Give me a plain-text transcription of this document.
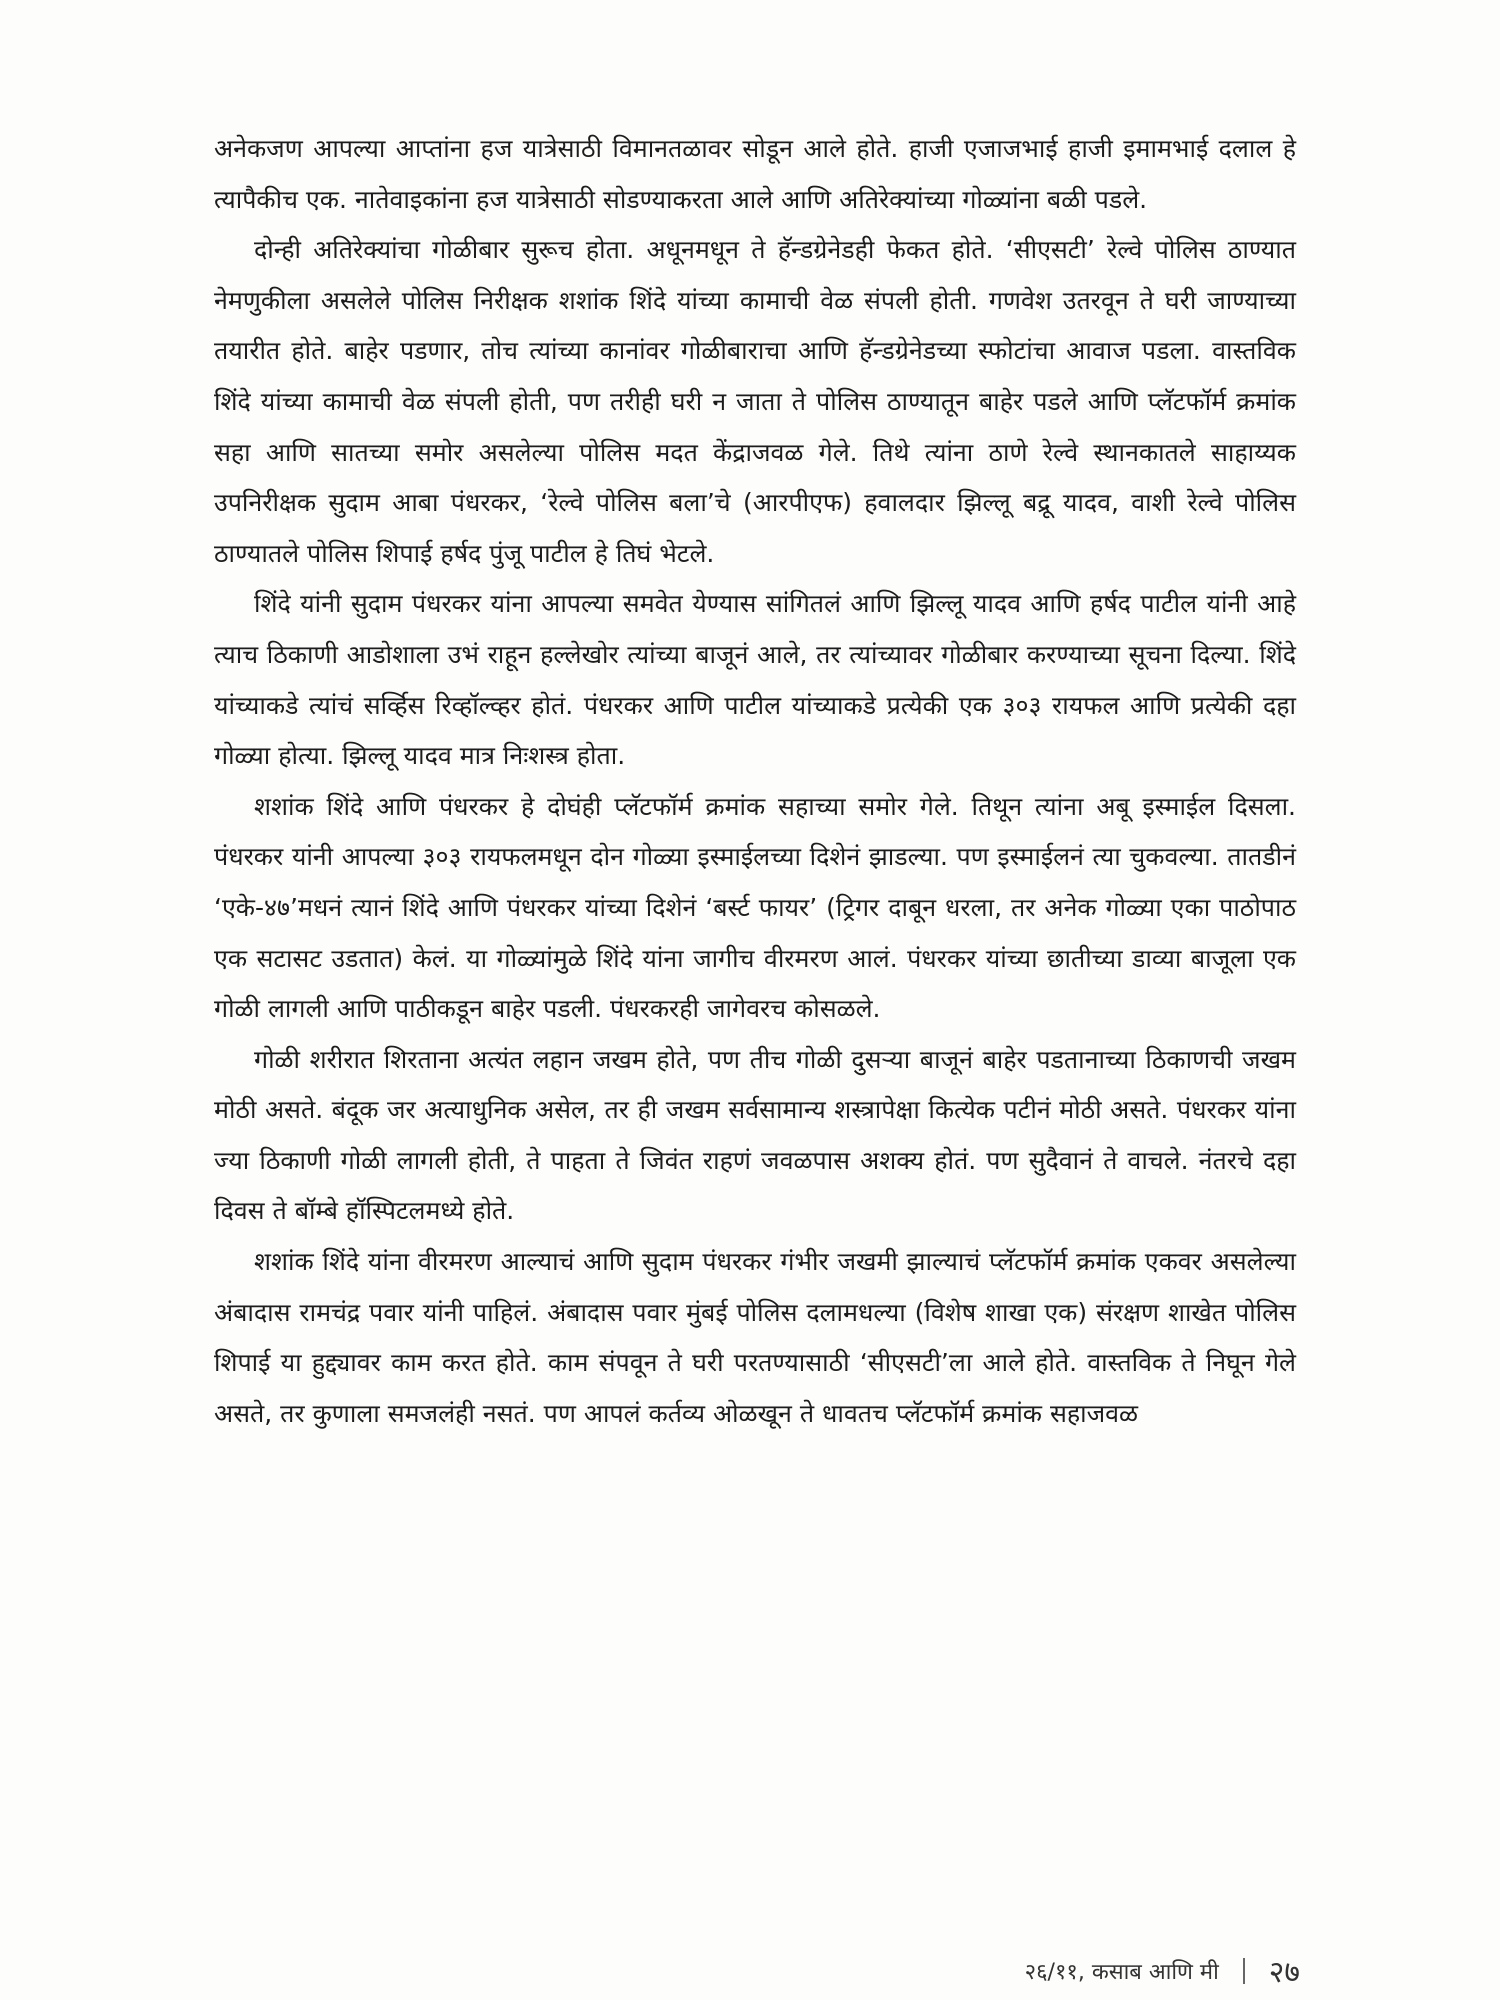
अनेकजण आपल्या आप्तांना हज यात्रेसाठी विमानतळावर सोडून आले होते. हाजी एजाजभाई हाजी इमामभाई दलाल हे त्यापैकीच एक. नातेवाइकांना हज यात्रेसाठी सोडण्याकरता आले आणि अतिरेक्यांच्या गोळ्यांना बळी पडले.

दोन्ही अतिरेक्यांचा गोळीबार सुरूच होता. अधूनमधून ते हॅन्डग्रेनेडही फेकत होते. ‘सीएसटी’ रेल्वे पोलिस ठाण्यात नेमणुकीला असलेले पोलिस निरीक्षक शशांक शिंदे यांच्या कामाची वेळ संपली होती. गणवेश उतरवून ते घरी जाण्याच्या तयारीत होते. बाहेर पडणार, तोच त्यांच्या कानांवर गोळीबाराचा आणि हॅन्डग्रेनेडच्या स्फोटांचा आवाज पडला. वास्तविक शिंदे यांच्या कामाची वेळ संपली होती, पण तरीही घरी न जाता ते पोलिस ठाण्यातून बाहेर पडले आणि प्लॅटफॉर्म क्रमांक सहा आणि सातच्या समोर असलेल्या पोलिस मदत केंद्राजवळ गेले. तिथे त्यांना ठाणे रेल्वे स्थानकातले साहाय्यक उपनिरीक्षक सुदाम आबा पंधरकर, ‘रेल्वे पोलिस बला’चे (आरपीएफ) हवालदार झिल्लू बद्रू यादव, वाशी रेल्वे पोलिस ठाण्यातले पोलिस शिपाई हर्षद पुंजू पाटील हे तिघं भेटले.

शिंदे यांनी सुदाम पंधरकर यांना आपल्या समवेत येण्यास सांगितलं आणि झिल्लू यादव आणि हर्षद पाटील यांनी आहे त्याच ठिकाणी आडोशाला उभं राहून हल्लेखोर त्यांच्या बाजूनं आले, तर त्यांच्यावर गोळीबार करण्याच्या सूचना दिल्या. शिंदे यांच्याकडे त्यांचं सर्व्हिस रिव्हॉल्व्हर होतं. पंधरकर आणि पाटील यांच्याकडे प्रत्येकी एक ३०३ रायफल आणि प्रत्येकी दहा गोळ्या होत्या. झिल्लू यादव मात्र निःशस्त्र होता.

शशांक शिंदे आणि पंधरकर हे दोघंही प्लॅटफॉर्म क्रमांक सहाच्या समोर गेले. तिथून त्यांना अबू इस्माईल दिसला. पंधरकर यांनी आपल्या ३०३ रायफलमधून दोन गोळ्या इस्माईलच्या दिशेनं झाडल्या. पण इस्माईलनं त्या चुकवल्या. तातडीनं ‘एके-४७’मधनं त्यानं शिंदे आणि पंधरकर यांच्या दिशेनं ‘बर्स्ट फायर’ (ट्रिगर दाबून धरला, तर अनेक गोळ्या एका पाठोपाठ एक सटासट उडतात) केलं. या गोळ्यांमुळे शिंदे यांना जागीच वीरमरण आलं. पंधरकर यांच्या छातीच्या डाव्या बाजूला एक गोळी लागली आणि पाठीकडून बाहेर पडली. पंधरकरही जागेवरच कोसळले.

गोळी शरीरात शिरताना अत्यंत लहान जखम होते, पण तीच गोळी दुसऱ्या बाजूनं बाहेर पडतानाच्या ठिकाणची जखम मोठी असते. बंदूक जर अत्याधुनिक असेल, तर ही जखम सर्वसामान्य शस्त्रापेक्षा कित्येक पटीनं मोठी असते. पंधरकर यांना ज्या ठिकाणी गोळी लागली होती, ते पाहता ते जिवंत राहणं जवळपास अशक्य होतं. पण सुदैवानं ते वाचले. नंतरचे दहा दिवस ते बॉम्बे हॉस्पिटलमध्ये होते.

शशांक शिंदे यांना वीरमरण आल्याचं आणि सुदाम पंधरकर गंभीर जखमी झाल्याचं प्लॅटफॉर्म क्रमांक एकवर असलेल्या अंबादास रामचंद्र पवार यांनी पाहिलं. अंबादास पवार मुंबई पोलिस दलामधल्या (विशेष शाखा एक) संरक्षण शाखेत पोलिस शिपाई या हुद्द्यावर काम करत होते. काम संपवून ते घरी परतण्यासाठी ‘सीएसटी’ला आले होते. वास्तविक ते निघून गेले असते, तर कुणाला समजलंही नसतं. पण आपलं कर्तव्य ओळखून ते धावतच प्लॅटफॉर्म क्रमांक सहाजवळ

२६/११, कसाब आणि मी २७
